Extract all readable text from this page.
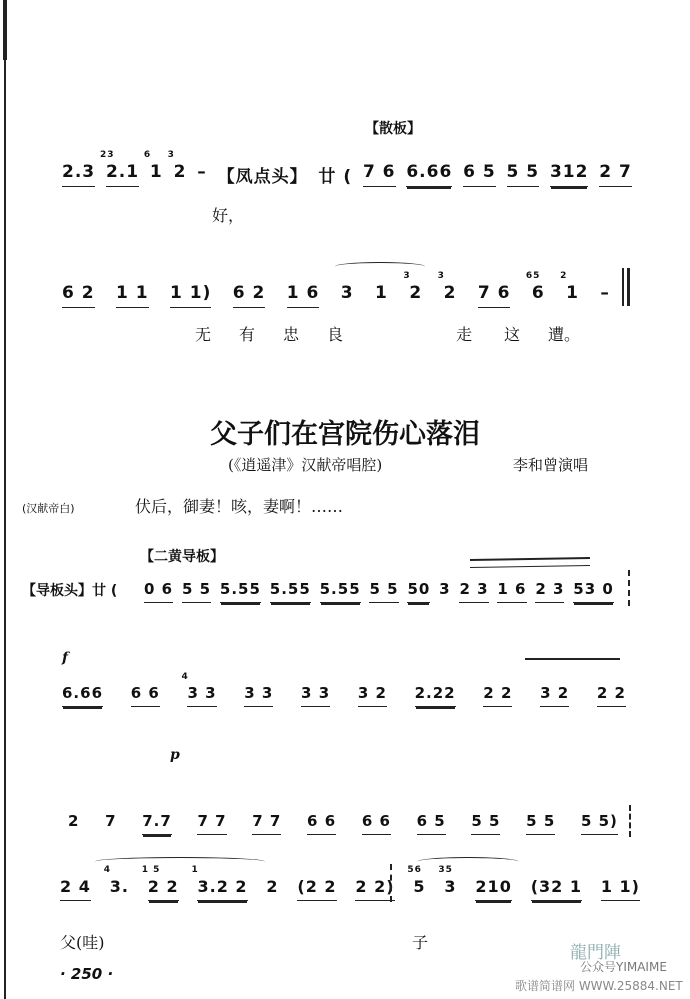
【散板】
2.3 2.1
23
1
6
2
3
– 【凤点头】 廿 ( 7 6 6.66 6 5 5 5 312 2 7
好，
6 2 1 1 1 1) 6 2 1 6 3 1 2
3
2
3
7 6 6
65
1
2
–
无	有	忠	良	走	这	遭。
父子们在宫院伤心落泪
(《逍遥津》汉献帝唱腔)	李和曾演唱
(汉献帝白)	伏后，御妻！咳，妻啊！……
【二黄导板】
【导板头】廿 ( 0 6 5 5 5.55 5.55 5.55 5 5 50 3 2 3 1 6 2 3 53 0
f
6.66 6 6 3 3
4
3 3 3 3 3 2 2.22 2 2 3 2 2 2
p
2 7 7.7 7 7 7 7 6 6 6 6 6 5 5 5 5 5 5 5)
2 4 3.
4
2 2
1 5
3.2 2
1
2 (2 2 2 2) 5
56
3
35
210 (32 1 1 1)
父(哇)	子
· 250 ·
龍門陣
公众号YIMAIME
歌谱简谱网 WWW.25884.NET
